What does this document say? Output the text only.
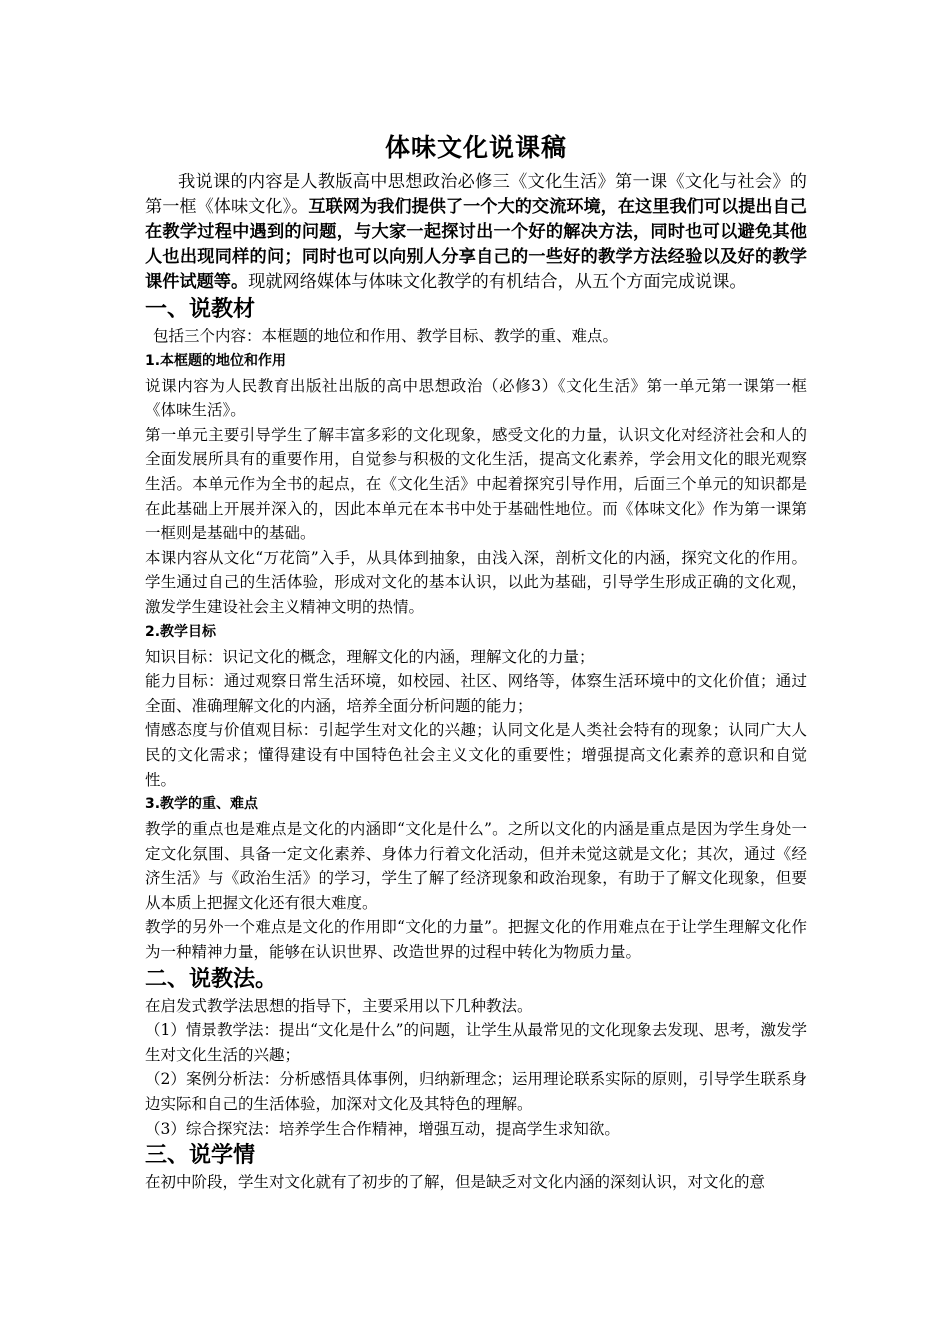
体味文化说课稿

我说课的内容是人教版高中思想政治必修三《文化生活》第一课《文化与社会》的第一框《体味文化》。互联网为我们提供了一个大的交流环境，在这里我们可以提出自己在教学过程中遇到的问题，与大家一起探讨出一个好的解决方法，同时也可以避免其他人也出现同样的问；同时也可以向别人分享自己的一些好的教学方法经验以及好的教学课件试题等。现就网络媒体与体味文化教学的有机结合，从五个方面完成说课。

一、说教材

包括三个内容：本框题的地位和作用、教学目标、教学的重、难点。

1.本框题的地位和作用

说课内容为人民教育出版社出版的高中思想政治（必修3）《文化生活》第一单元第一课第一框《体味生活》。

第一单元主要引导学生了解丰富多彩的文化现象，感受文化的力量，认识文化对经济社会和人的全面发展所具有的重要作用，自觉参与积极的文化生活，提高文化素养，学会用文化的眼光观察生活。本单元作为全书的起点，在《文化生活》中起着探究引导作用，后面三个单元的知识都是在此基础上开展并深入的，因此本单元在本书中处于基础性地位。而《体味文化》作为第一课第一框则是基础中的基础。

本课内容从文化“万花筒”入手，从具体到抽象，由浅入深，剖析文化的内涵，探究文化的作用。学生通过自己的生活体验，形成对文化的基本认识，以此为基础，引导学生形成正确的文化观，激发学生建设社会主义精神文明的热情。

2.教学目标

知识目标：识记文化的概念，理解文化的内涵，理解文化的力量；

能力目标：通过观察日常生活环境，如校园、社区、网络等，体察生活环境中的文化价值；通过全面、准确理解文化的内涵，培养全面分析问题的能力；

情感态度与价值观目标：引起学生对文化的兴趣；认同文化是人类社会特有的现象；认同广大人民的文化需求；懂得建设有中国特色社会主义文化的重要性；增强提高文化素养的意识和自觉性。

3.教学的重、难点

教学的重点也是难点是文化的内涵即“文化是什么”。之所以文化的内涵是重点是因为学生身处一定文化氛围、具备一定文化素养、身体力行着文化活动，但并未觉这就是文化；其次，通过《经济生活》与《政治生活》的学习，学生了解了经济现象和政治现象，有助于了解文化现象，但要从本质上把握文化还有很大难度。

教学的另外一个难点是文化的作用即“文化的力量”。把握文化的作用难点在于让学生理解文化作为一种精神力量，能够在认识世界、改造世界的过程中转化为物质力量。

二、说教法。

在启发式教学法思想的指导下，主要采用以下几种教法。

（1）情景教学法：提出“文化是什么”的问题，让学生从最常见的文化现象去发现、思考，激发学生对文化生活的兴趣；

（2）案例分析法：分析感悟具体事例，归纳新理念；运用理论联系实际的原则，引导学生联系身边实际和自己的生活体验，加深对文化及其特色的理解。

（3）综合探究法：培养学生合作精神，增强互动，提高学生求知欲。

三、说学情

在初中阶段，学生对文化就有了初步的了解，但是缺乏对文化内涵的深刻认识，对文化的意
